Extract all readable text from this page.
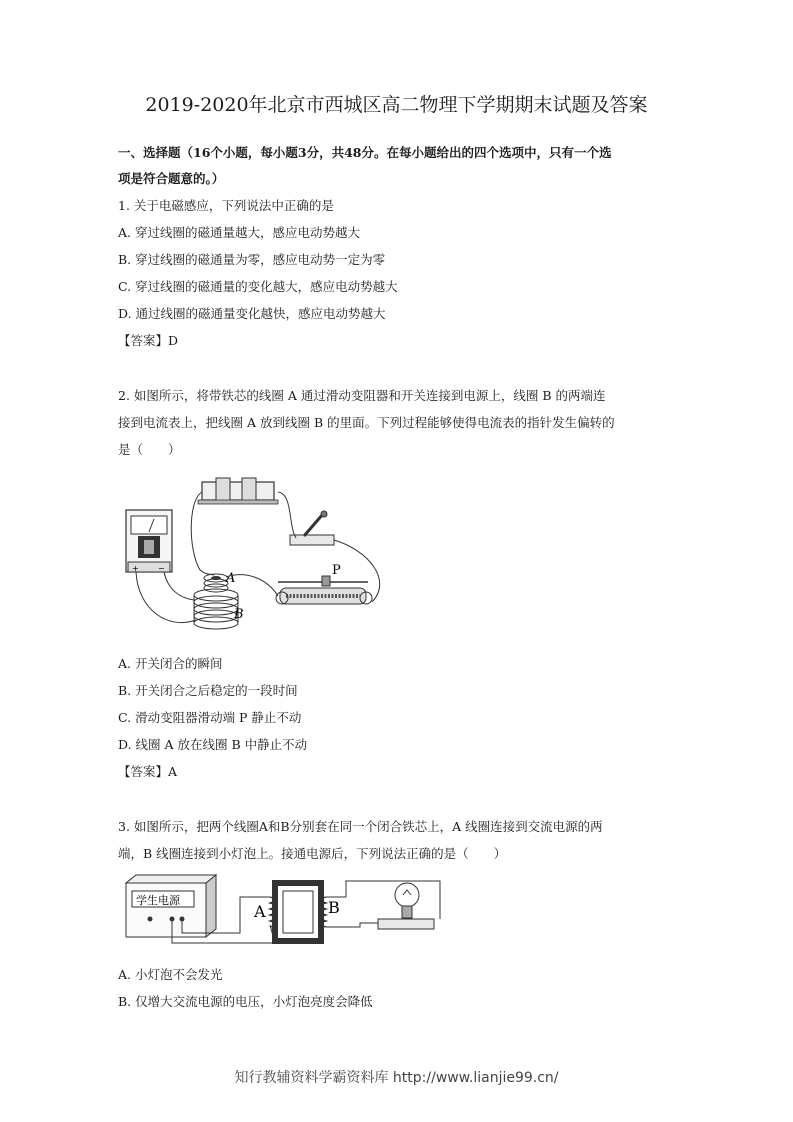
2019-2020年北京市西城区高二物理下学期期末试题及答案
一、选择题（16个小题，每小题3分，共48分。在每小题给出的四个选项中，只有一个选
项是符合题意的。）
1. 关于电磁感应，下列说法中正确的是
A. 穿过线圈的磁通量越大，感应电动势越大
B. 穿过线圈的磁通量为零，感应电动势一定为零
C. 穿过线圈的磁通量的变化越大，感应电动势越大
D. 通过线圈的磁通量变化越快，感应电动势越大
【答案】D
2. 如图所示，将带铁芯的线圈 A 通过滑动变阻器和开关连接到电源上，线圈 B 的两端连
接到电流表上，把线圈 A 放到线圈 B 的里面。下列过程能够使得电流表的指针发生偏转的
是（　　）
+ −
A
B
P
A. 开关闭合的瞬间
B. 开关闭合之后稳定的一段时间
C. 滑动变阻器滑动端 P 静止不动
D. 线圈 A 放在线圈 B 中静止不动
【答案】A
3. 如图所示，把两个线圈A和B分别套在同一个闭合铁芯上，A 线圈连接到交流电源的两
端，B 线圈连接到小灯泡上。接通电源后，下列说法正确的是（　　）
学生电源
A	B
A. 小灯泡不会发光
B. 仅增大交流电源的电压，小灯泡亮度会降低
知行教辅资料学霸资料库 http://www.lianjie99.cn/
